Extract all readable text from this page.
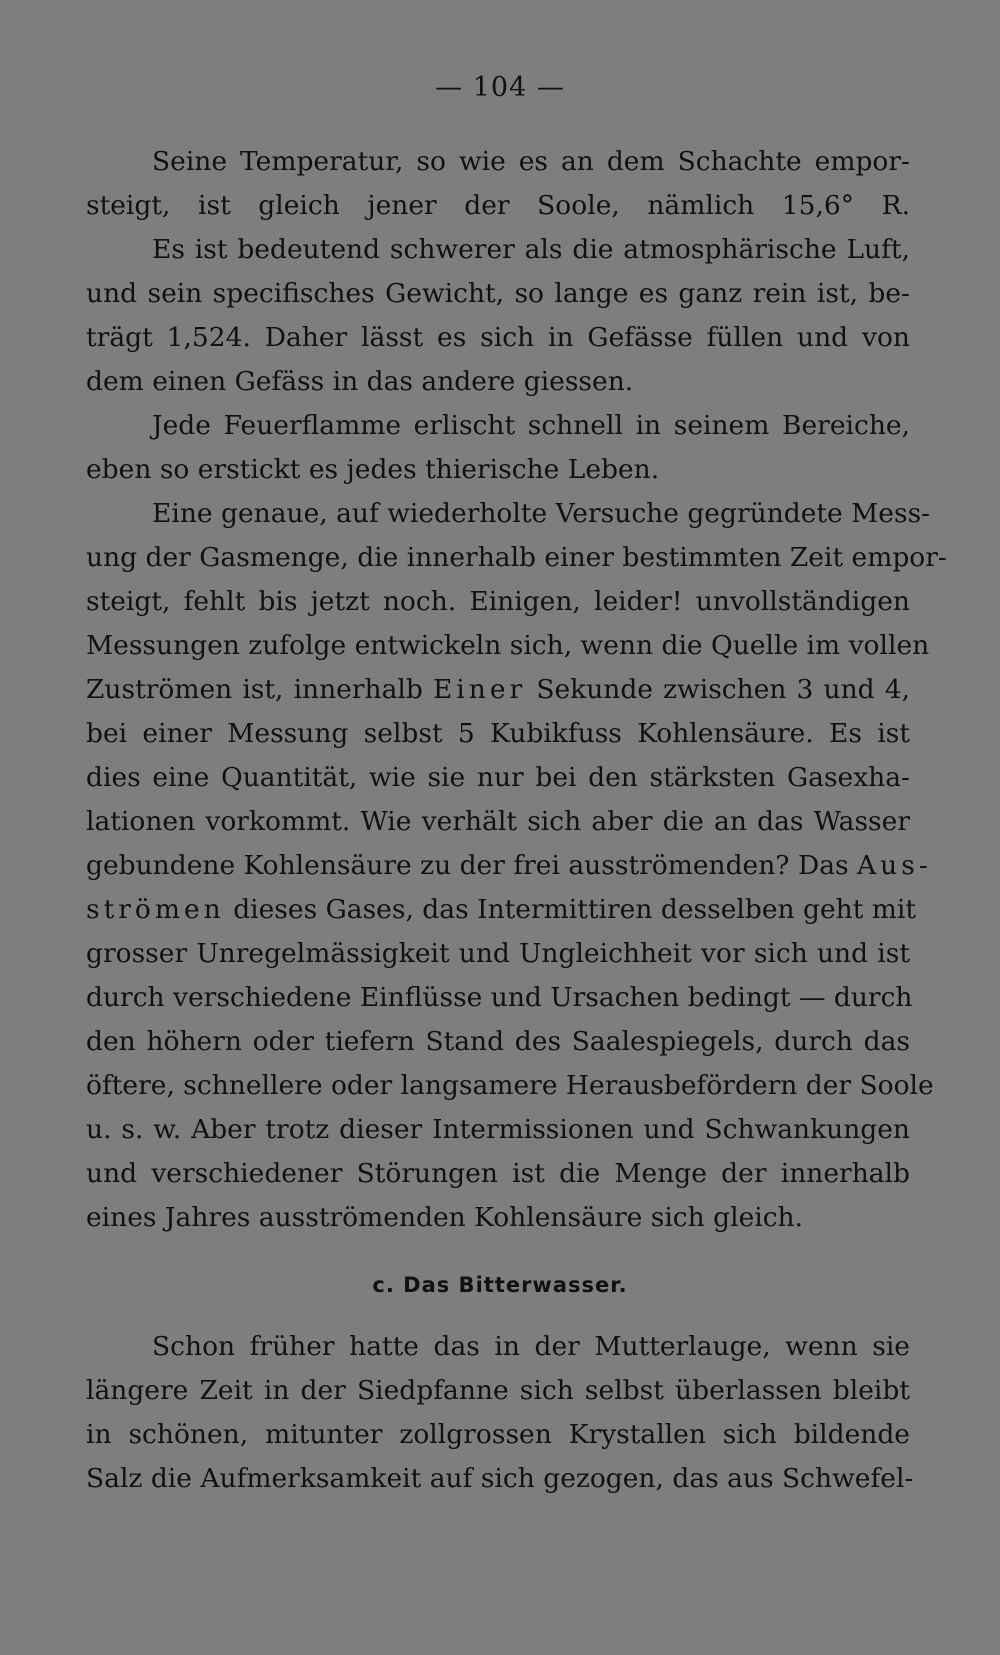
— 104 —
Seine Temperatur, so wie es an dem Schachte empor-
steigt, ist gleich jener der Soole, nämlich 15,6° R.
Es ist bedeutend schwerer als die atmosphärische Luft,
und sein specifisches Gewicht, so lange es ganz rein ist, be-
trägt 1,524. Daher lässt es sich in Gefässe füllen und von
dem einen Gefäss in das andere giessen.
Jede Feuerflamme erlischt schnell in seinem Bereiche,
eben so erstickt es jedes thierische Leben.
Eine genaue, auf wiederholte Versuche gegründete Mess-
ung der Gasmenge, die innerhalb einer bestimmten Zeit empor-
steigt, fehlt bis jetzt noch. Einigen, leider! unvollständigen
Messungen zufolge entwickeln sich, wenn die Quelle im vollen
Zuströmen ist, innerhalb Einer Sekunde zwischen 3 und 4,
bei einer Messung selbst 5 Kubikfuss Kohlensäure. Es ist
dies eine Quantität, wie sie nur bei den stärksten Gasexha-
lationen vorkommt. Wie verhält sich aber die an das Wasser
gebundene Kohlensäure zu der frei ausströmenden? Das Aus-
strömen dieses Gases, das Intermittiren desselben geht mit
grosser Unregelmässigkeit und Ungleichheit vor sich und ist
durch verschiedene Einflüsse und Ursachen bedingt — durch
den höhern oder tiefern Stand des Saalespiegels, durch das
öftere, schnellere oder langsamere Herausbefördern der Soole
u. s. w. Aber trotz dieser Intermissionen und Schwankungen
und verschiedener Störungen ist die Menge der innerhalb
eines Jahres ausströmenden Kohlensäure sich gleich.
c. Das Bitterwasser.
Schon früher hatte das in der Mutterlauge, wenn sie
längere Zeit in der Siedpfanne sich selbst überlassen bleibt
in schönen, mitunter zollgrossen Krystallen sich bildende
Salz die Aufmerksamkeit auf sich gezogen, das aus Schwefel-
